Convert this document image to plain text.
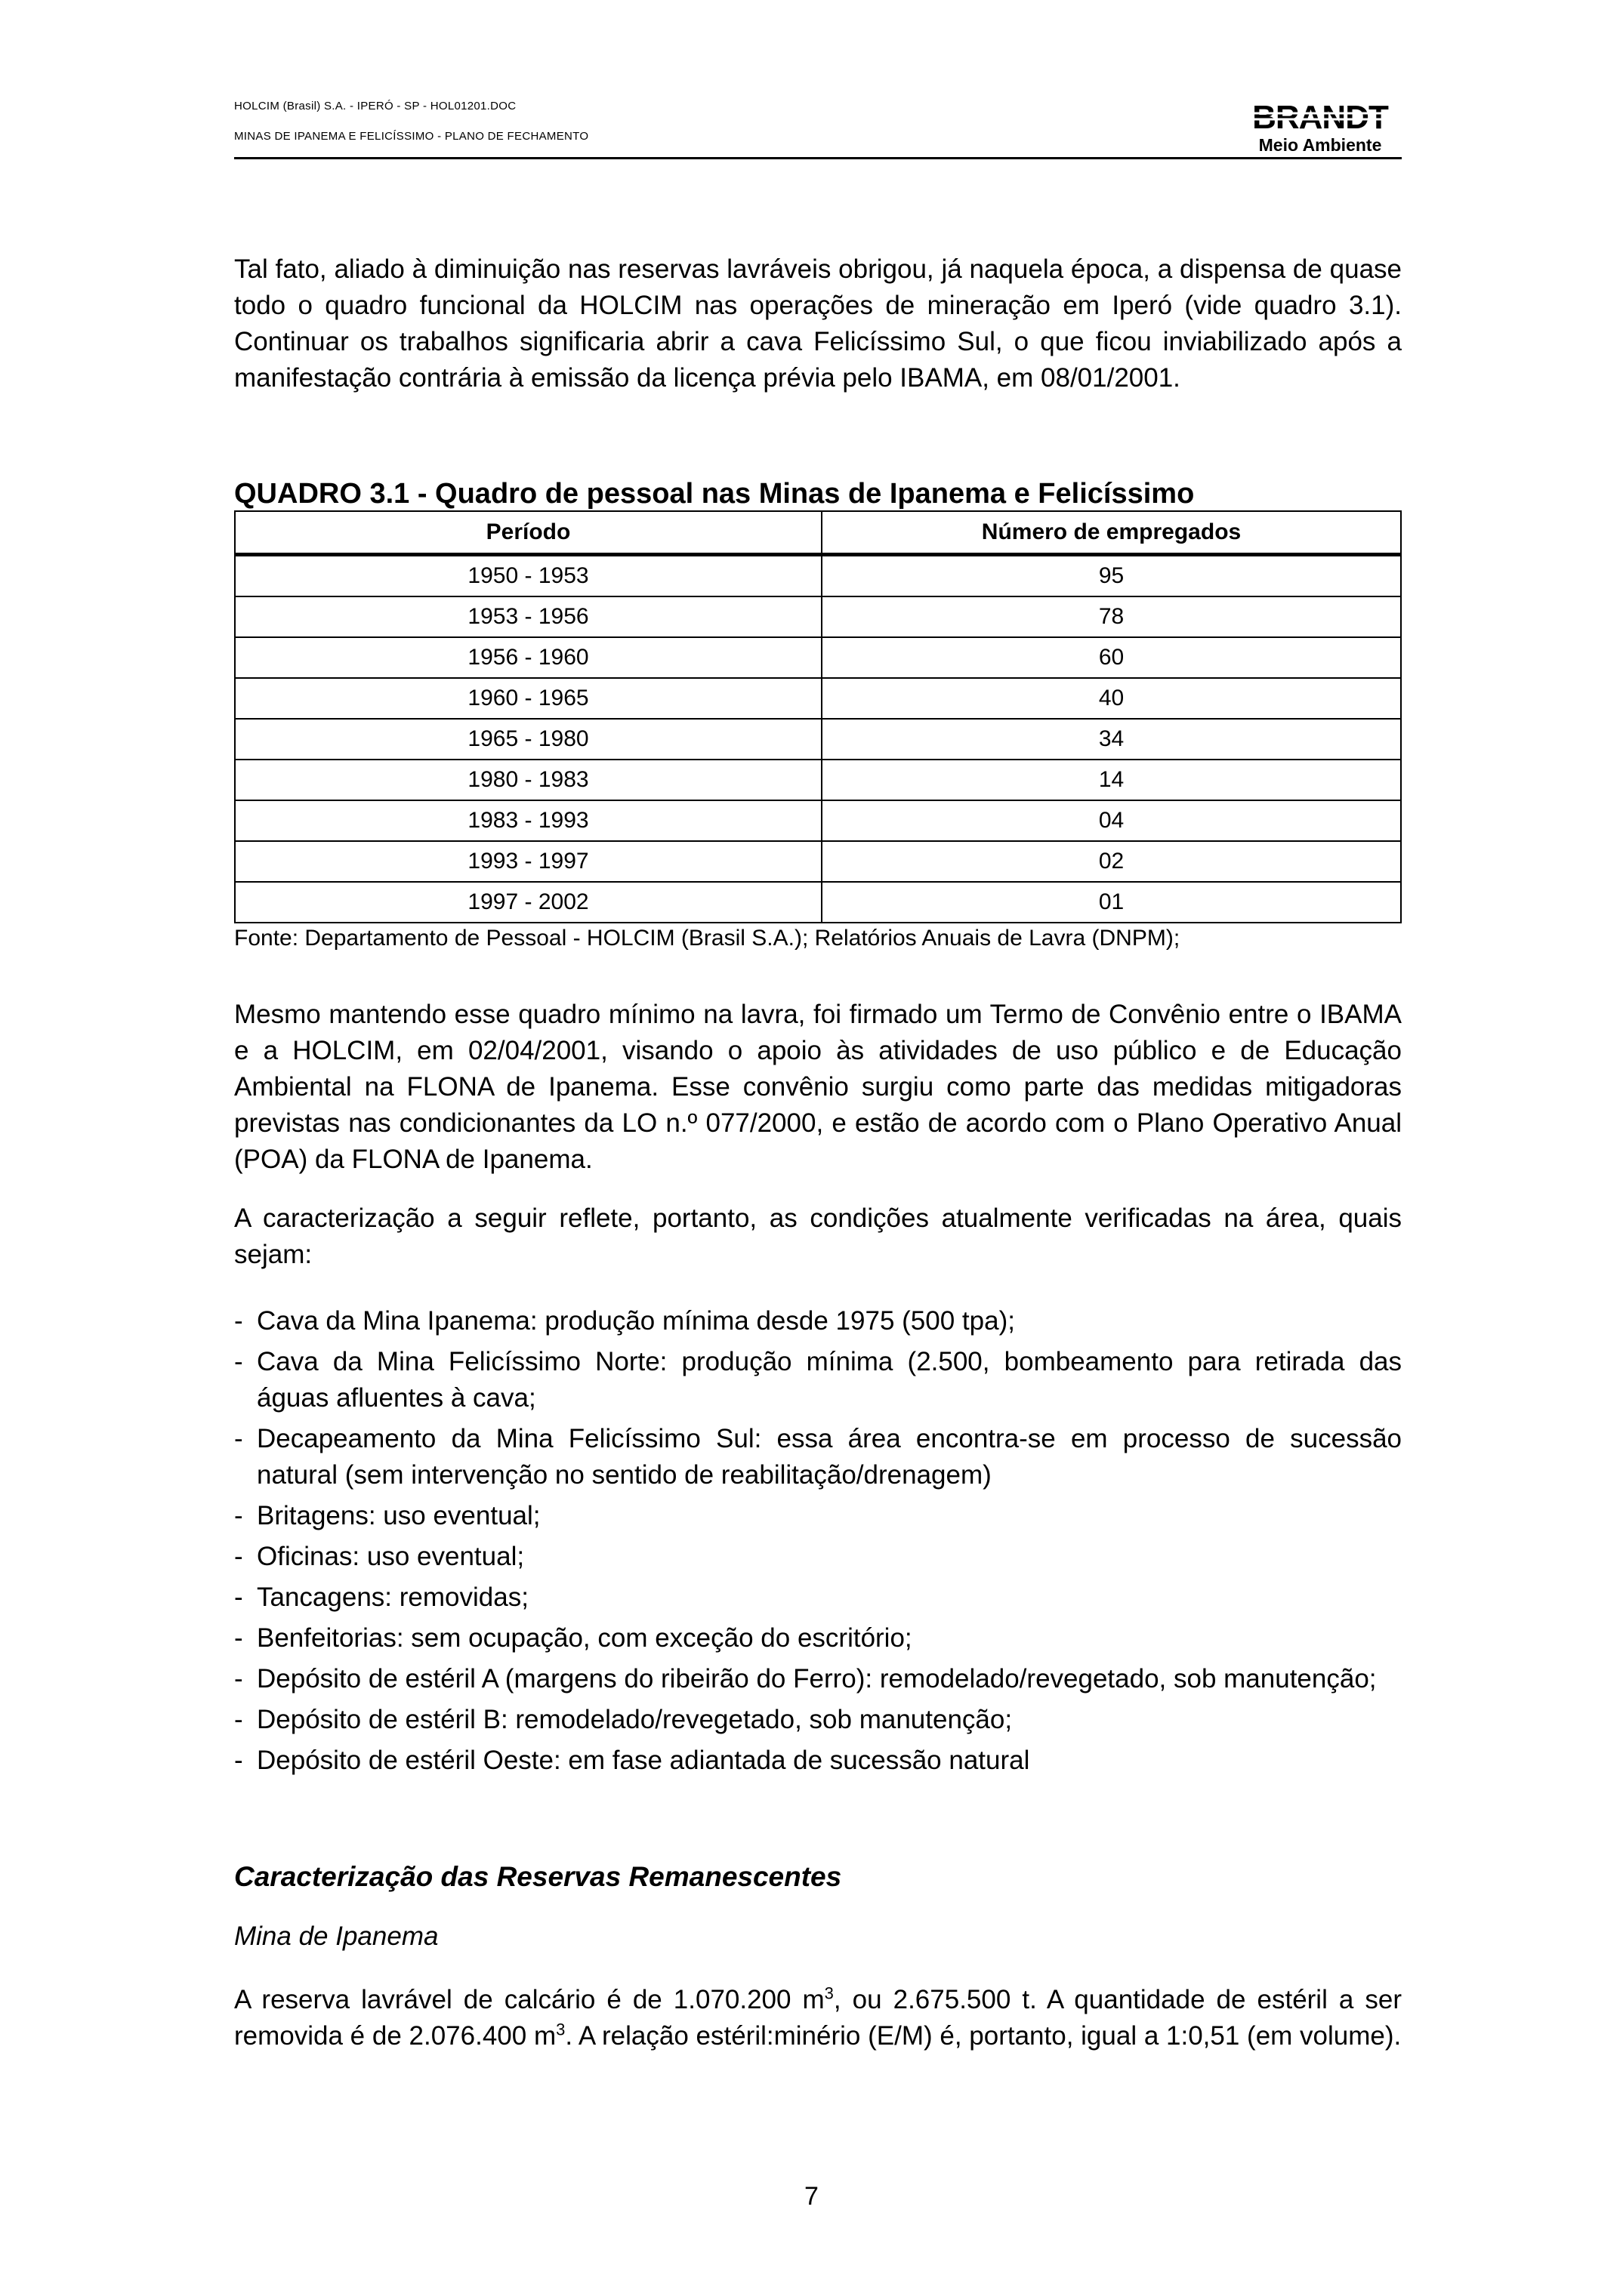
HOLCIM (Brasil) S.A. - IPERÓ - SP - HOL01201.DOC
MINAS DE IPANEMA E FELICÍSSIMO - PLANO DE FECHAMENTO
BRANDT
Meio Ambiente
Tal fato, aliado à diminuição nas reservas lavráveis obrigou, já naquela época, a dispensa de quase todo o quadro funcional da HOLCIM nas operações de mineração em Iperó (vide quadro 3.1). Continuar os trabalhos significaria abrir a cava Felicíssimo Sul, o que ficou inviabilizado após a manifestação contrária à emissão da licença prévia pelo IBAMA, em 08/01/2001.
QUADRO 3.1 - Quadro de pessoal nas Minas de Ipanema e Felicíssimo
Período	Número de empregados
1950 - 1953	95
1953 - 1956	78
1956 - 1960	60
1960 - 1965	40
1965 - 1980	34
1980 - 1983	14
1983 - 1993	04
1993 - 1997	02
1997 - 2002	01
Fonte: Departamento de Pessoal - HOLCIM (Brasil S.A.); Relatórios Anuais de Lavra (DNPM);
Mesmo mantendo esse quadro mínimo na lavra, foi firmado um Termo de Convênio entre o IBAMA e a HOLCIM, em 02/04/2001, visando o apoio às atividades de uso público e de Educação Ambiental na FLONA de Ipanema. Esse convênio surgiu como parte das medidas mitigadoras previstas nas condicionantes da LO n.º 077/2000, e estão de acordo com o Plano Operativo Anual (POA) da FLONA de Ipanema.
A caracterização a seguir reflete, portanto, as condições atualmente verificadas na área, quais sejam:
- Cava da Mina Ipanema: produção mínima desde 1975 (500 tpa);
- Cava da Mina Felicíssimo Norte: produção mínima (2.500, bombeamento para retirada das águas afluentes à cava;
- Decapeamento da Mina Felicíssimo Sul: essa área encontra-se em processo de sucessão natural (sem intervenção no sentido de reabilitação/drenagem)
- Britagens: uso eventual;
- Oficinas: uso eventual;
- Tancagens: removidas;
- Benfeitorias: sem ocupação, com exceção do escritório;
- Depósito de estéril A (margens do ribeirão do Ferro): remodelado/revegetado, sob manutenção;
- Depósito de estéril B: remodelado/revegetado, sob manutenção;
- Depósito de estéril Oeste: em fase adiantada de sucessão natural
Caracterização das Reservas Remanescentes
Mina de Ipanema
A reserva lavrável de calcário é de 1.070.200 $m^3$, ou 2.675.500 t. A quantidade de estéril a ser removida é de 2.076.400 $m^3$. A relação estéril:minério (E/M) é, portanto, igual a 1:0,51 (em volume).
7
